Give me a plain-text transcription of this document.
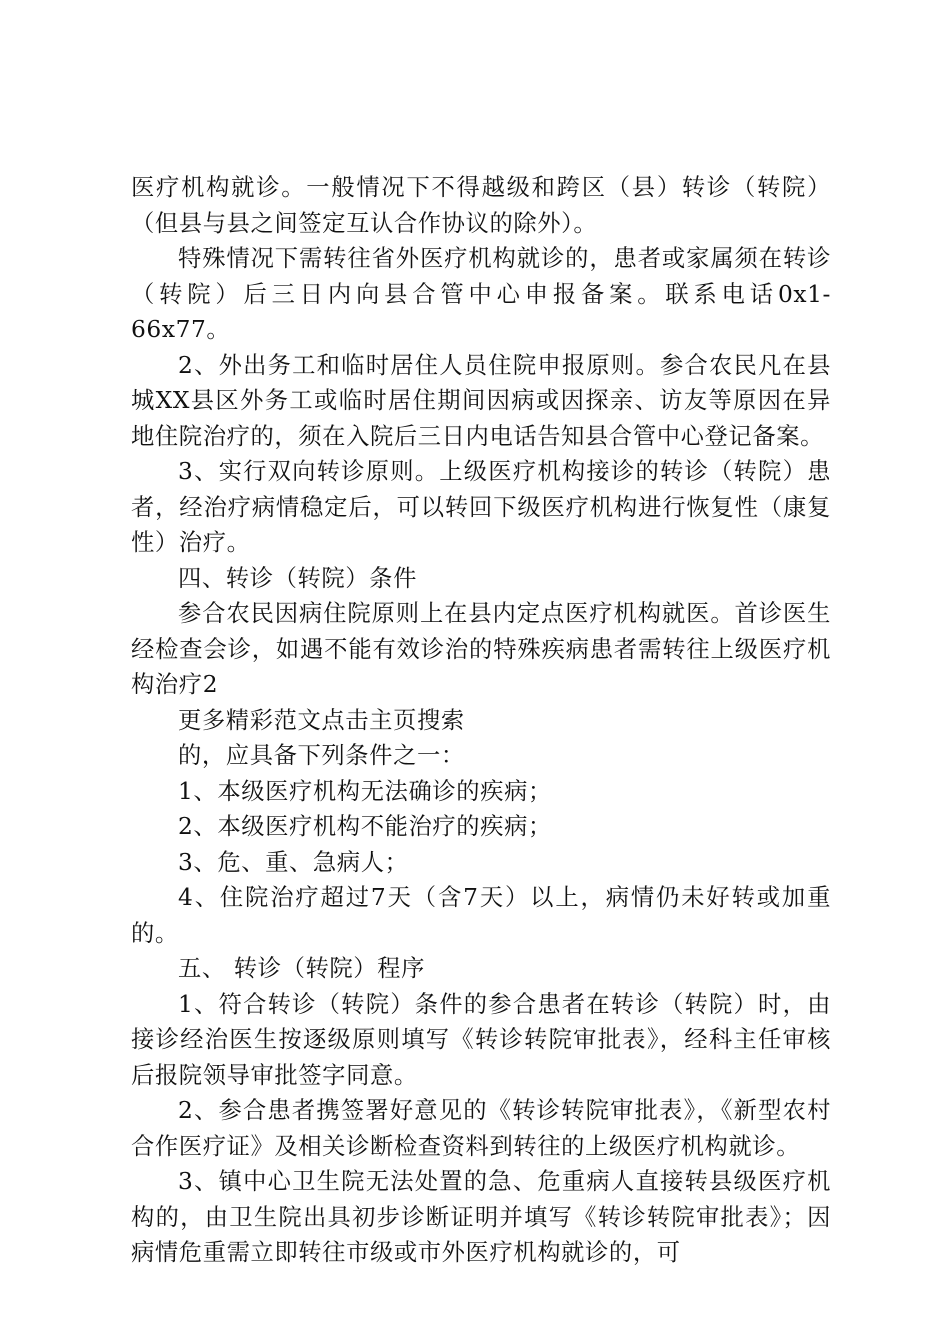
医疗机构就诊。一般情况下不得越级和跨区（县）转诊（转院）（但县与县之间签定互认合作协议的除外）。

特殊情况下需转往省外医疗机构就诊的，患者或家属须在转诊（转院）后三日内向县合管中心申报备案。联系电话0x1-66x77。

2、外出务工和临时居住人员住院申报原则。参合农民凡在县城XX县区外务工或临时居住期间因病或因探亲、访友等原因在异地住院治疗的，须在入院后三日内电话告知县合管中心登记备案。

3、实行双向转诊原则。上级医疗机构接诊的转诊（转院）患者，经治疗病情稳定后，可以转回下级医疗机构进行恢复性（康复性）治疗。

四、转诊（转院）条件

参合农民因病住院原则上在县内定点医疗机构就医。首诊医生经检查会诊，如遇不能有效诊治的特殊疾病患者需转往上级医疗机构治疗2

更多精彩范文点击主页搜索

的，应具备下列条件之一：

1、本级医疗机构无法确诊的疾病；

2、本级医疗机构不能治疗的疾病；

3、危、重、急病人；

4、住院治疗超过7天（含7天）以上，病情仍未好转或加重的。

五、 转诊（转院）程序

1、符合转诊（转院）条件的参合患者在转诊（转院）时，由接诊经治医生按逐级原则填写《转诊转院审批表》，经科主任审核后报院领导审批签字同意。

2、参合患者携签署好意见的《转诊转院审批表》，《新型农村合作医疗证》及相关诊断检查资料到转往的上级医疗机构就诊。

3、镇中心卫生院无法处置的急、危重病人直接转县级医疗机构的，由卫生院出具初步诊断证明并填写《转诊转院审批表》；因病情危重需立即转往市级或市外医疗机构就诊的，可
